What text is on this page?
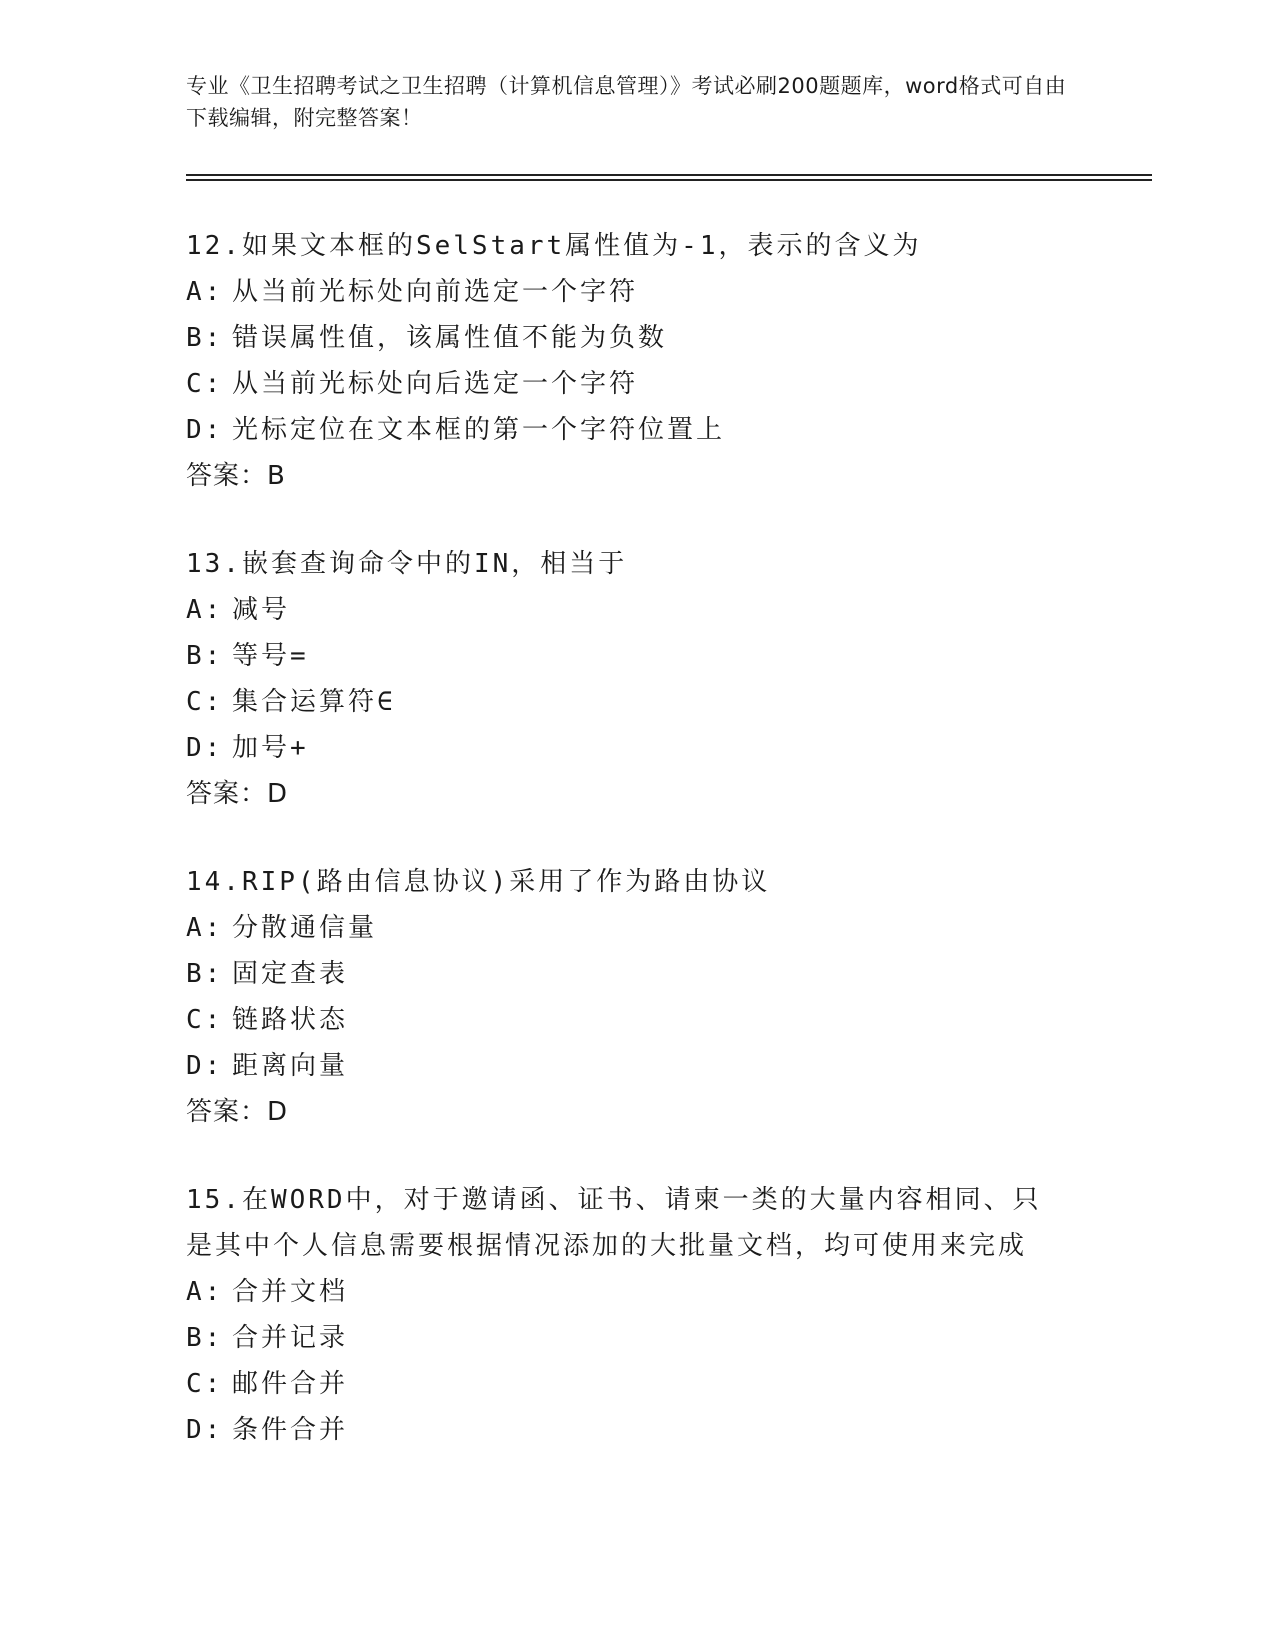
专业《卫生招聘考试之卫生招聘（计算机信息管理）》考试必刷200题题库，word格式可自由下载编辑，附完整答案！
12.如果文本框的SelStart属性值为-1，表示的含义为
A: 从当前光标处向前选定一个字符
B: 错误属性值，该属性值不能为负数
C: 从当前光标处向后选定一个字符
D: 光标定位在文本框的第一个字符位置上
答案：B
13.嵌套查询命令中的IN，相当于
A: 减号
B: 等号=
C: 集合运算符∈
D: 加号+
答案：D
14.RIP(路由信息协议)采用了作为路由协议
A: 分散通信量
B: 固定查表
C: 链路状态
D: 距离向量
答案：D
15.在WORD中，对于邀请函、证书、请柬一类的大量内容相同、只是其中个人信息需要根据情况添加的大批量文档，均可使用来完成
A: 合并文档
B: 合并记录
C: 邮件合并
D: 条件合并
